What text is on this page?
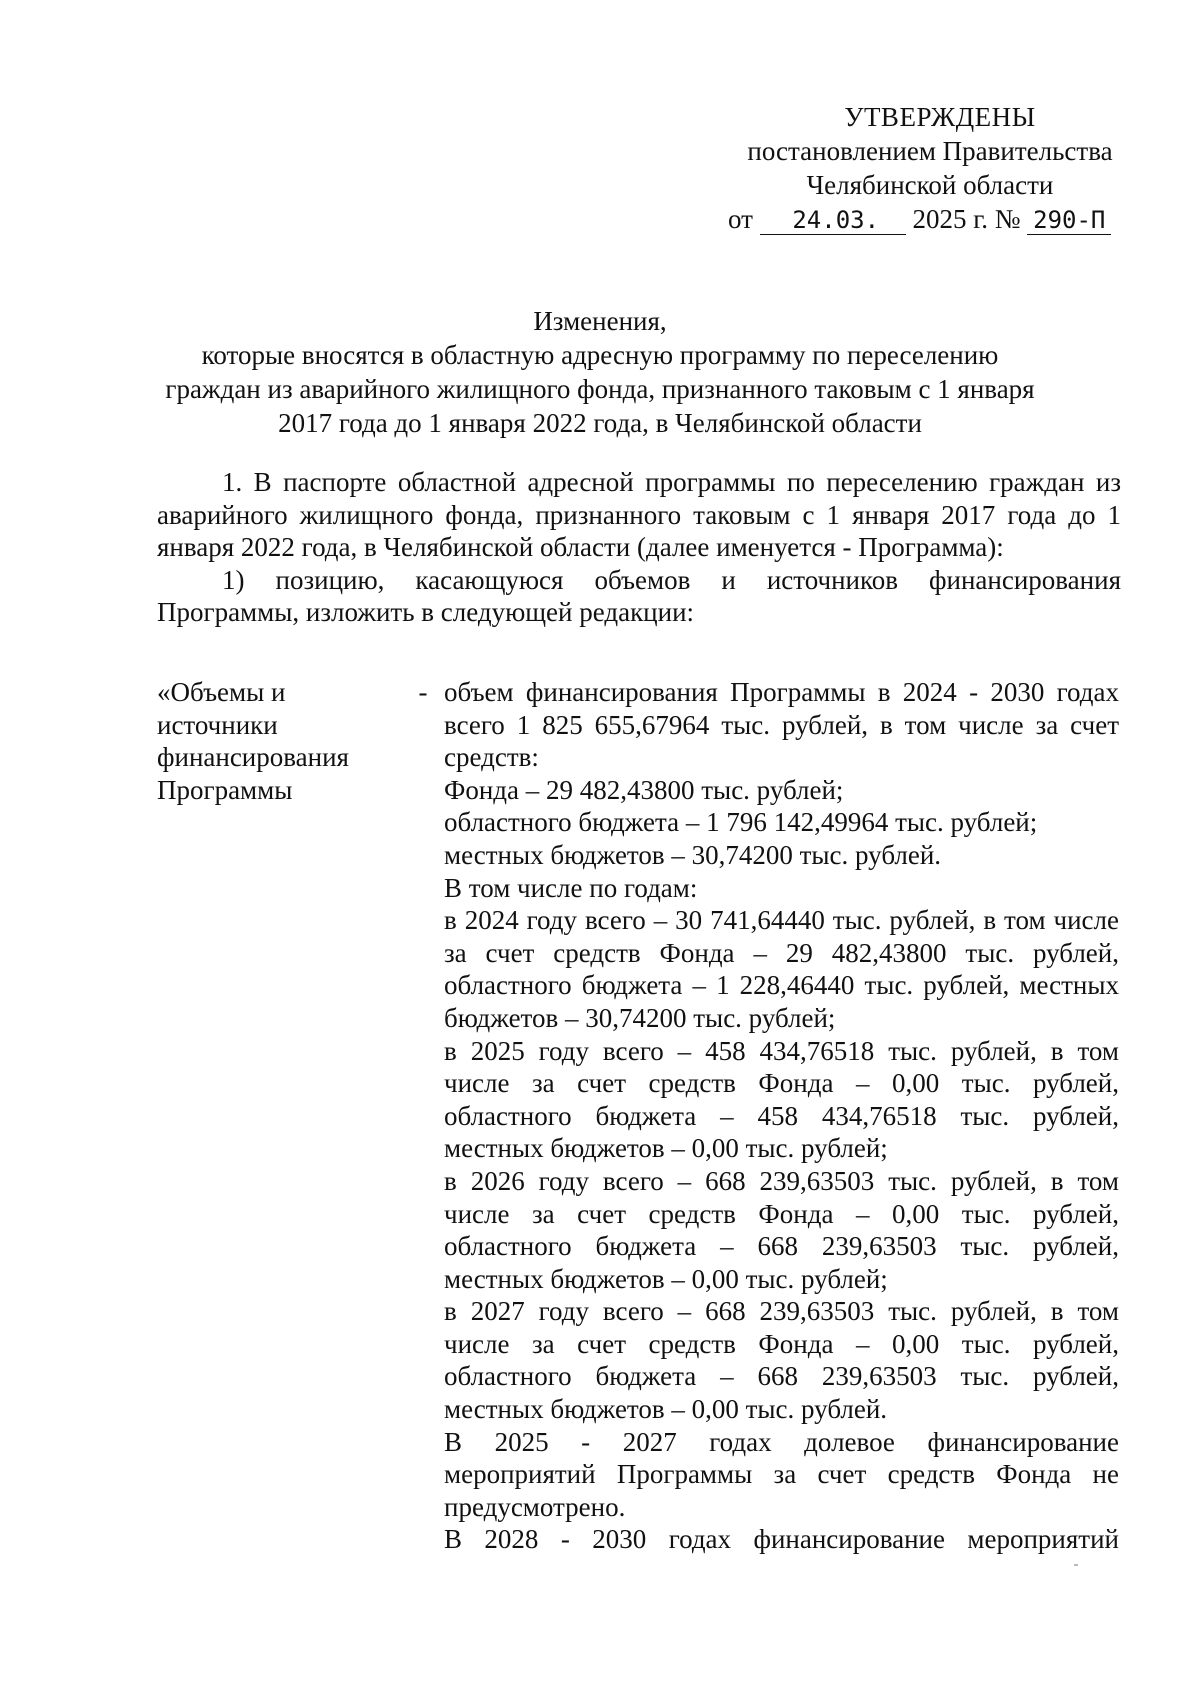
УТВЕРЖДЕНЫ
постановлением Правительства
Челябинской области
от 24.03. 2025 г. № 290-П
Изменения,
которые вносятся в областную адресную программу по переселению
граждан из аварийного жилищного фонда, признанного таковым с 1 января
2017 года до 1 января 2022 года, в Челябинской области

1. В паспорте областной адресной программы по переселению граждан из аварийного жилищного фонда, признанного таковым с 1 января 2017 года до 1 января 2022 года, в Челябинской области (далее именуется - Программа):

1) позицию, касающуюся объемов и источников финансирования Программы, изложить в следующей редакции:

«Объемы и
источники
финансирования
Программы
- объем финансирования Программы в 2024 - 2030 годах всего 1 825 655,67964 тыс. рублей, в том числе за счет средств:

Фонда – 29 482,43800 тыс. рублей;

областного бюджета – 1 796 142,49964 тыс. рублей;

местных бюджетов – 30,74200 тыс. рублей.

В том числе по годам:

в 2024 году всего – 30 741,64440 тыс. рублей, в том числе за счет средств Фонда – 29 482,43800 тыс. рублей, областного бюджета – 1 228,46440 тыс. рублей, местных бюджетов – 30,74200 тыс. рублей;

в 2025 году всего – 458 434,76518 тыс. рублей, в том числе за счет средств Фонда – 0,00 тыс. рублей, областного бюджета – 458 434,76518 тыс. рублей, местных бюджетов – 0,00 тыс. рублей;

в 2026 году всего – 668 239,63503 тыс. рублей, в том числе за счет средств Фонда – 0,00 тыс. рублей, областного бюджета – 668 239,63503 тыс. рублей, местных бюджетов – 0,00 тыс. рублей;

в 2027 году всего – 668 239,63503 тыс. рублей, в том числе за счет средств Фонда – 0,00 тыс. рублей, областного бюджета – 668 239,63503 тыс. рублей, местных бюджетов – 0,00 тыс. рублей.

В 2025 - 2027 годах долевое финансирование мероприятий Программы за счет средств Фонда не предусмотрено.

В 2028 - 2030 годах финансирование мероприятий
